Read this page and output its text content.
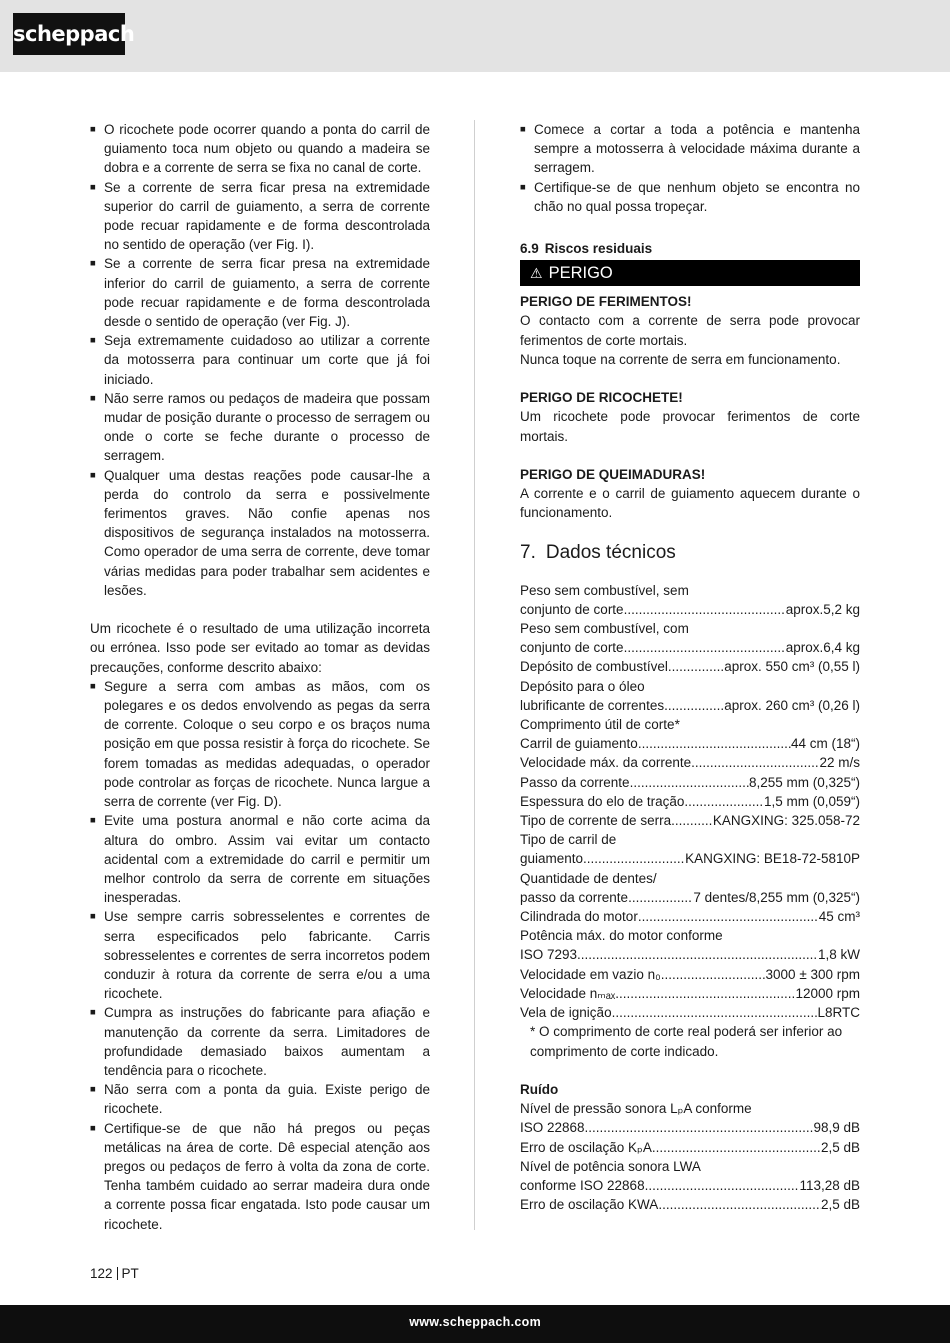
scheppach
■ O ricochete pode ocorrer quando a ponta do carril de guiamento toca num objeto ou quando a madeira se dobra e a corrente de serra se fixa no canal de corte.
■ Se a corrente de serra ficar presa na extremidade superior do carril de guiamento, a serra de corrente pode recuar rapidamente e de forma descontrolada no sentido de operação (ver Fig. I).
■ Se a corrente de serra ficar presa na extremidade inferior do carril de guiamento, a serra de corrente pode recuar rapidamente e de forma descontrolada desde o sentido de operação (ver Fig. J).
■ Seja extremamente cuidadoso ao utilizar a corrente da motosserra para continuar um corte que já foi iniciado.
■ Não serre ramos ou pedaços de madeira que possam mudar de posição durante o processo de serragem ou onde o corte se feche durante o processo de serragem.
■ Qualquer uma destas reações pode causar-lhe a perda do controlo da serra e possivelmente ferimentos graves. Não confie apenas nos dispositivos de segurança instalados na motosserra. Como operador de uma serra de corrente, deve tomar várias medidas para poder trabalhar sem acidentes e lesões.
Um ricochete é o resultado de uma utilização incorreta ou errónea. Isso pode ser evitado ao tomar as devidas precauções, conforme descrito abaixo:
■ Segure a serra com ambas as mãos, com os polegares e os dedos envolvendo as pegas da serra de corrente. Coloque o seu corpo e os braços numa posição em que possa resistir à força do ricochete. Se forem tomadas as medidas adequadas, o operador pode controlar as forças de ricochete. Nunca largue a serra de corrente (ver Fig. D).
■ Evite uma postura anormal e não corte acima da altura do ombro. Assim vai evitar um contacto acidental com a extremidade do carril e permitir um melhor controlo da serra de corrente em situações inesperadas.
■ Use sempre carris sobresselentes e correntes de serra especificados pelo fabricante. Carris sobresselentes e correntes de serra incorretos podem conduzir à rotura da corrente de serra e/ou a uma ricochete.
■ Cumpra as instruções do fabricante para afiação e manutenção da corrente da serra. Limitadores de profundidade demasiado baixos aumentam a tendência para o ricochete.
■ Não serra com a ponta da guia. Existe perigo de ricochete.
■ Certifique-se de que não há pregos ou peças metálicas na área de corte. Dê especial atenção aos pregos ou pedaços de ferro à volta da zona de corte. Tenha também cuidado ao serrar madeira dura onde a corrente possa ficar engatada. Isto pode causar um ricochete.
■ Comece a cortar a toda a potência e mantenha sempre a motosserra à velocidade máxima durante a serragem.
■ Certifique-se de que nenhum objeto se encontra no chão no qual possa tropeçar.
6.9 Riscos residuais
⚠ PERIGO
PERIGO DE FERIMENTOS!
O contacto com a corrente de serra pode provocar ferimentos de corte mortais.
Nunca toque na corrente de serra em funcionamento.
PERIGO DE RICOCHETE!
Um ricochete pode provocar ferimentos de corte mortais.
PERIGO DE QUEIMADURAS!
A corrente e o carril de guiamento aquecem durante o funcionamento.
7. Dados técnicos
Peso sem combustível, sem
conjunto de corte .....	aprox.5,2 kg
Peso sem combustível, com
conjunto de corte .....	aprox.6,4 kg
Depósito de combustível .....	aprox. 550 cm³ (0,55 l)
Depósito para o óleo
lubrificante de correntes .....	aprox. 260 cm³ (0,26 l)
Comprimento útil de corte*
Carril de guiamento .....	44 cm (18“)
Velocidade máx. da corrente .....	22 m/s
Passo da corrente .....	8,255 mm (0,325“)
Espessura do elo de tração .....	1,5 mm (0,059“)
Tipo de corrente de serra .....	KANGXING: 325.058-72
Tipo de carril de
guiamento .....	KANGXING: BE18-72-5810P
Quantidade de dentes/
passo da corrente .....	7 dentes/8,255 mm (0,325“)
Cilindrada do motor .....	45 cm³
Potência máx. do motor conforme
ISO 7293 .....	1,8 kW
Velocidade em vazio n₀ .....	3000 ± 300 rpm
Velocidade nₘₐₓ .....	12000 rpm
Vela de ignição .....	L8RTC
* O comprimento de corte real poderá ser inferior ao comprimento de corte indicado.
Ruído
Nível de pressão sonora LₚA conforme
ISO 22868 .....	98,9 dB
Erro de oscilação KₚA .....	2,5 dB
Nível de potência sonora LWA
conforme ISO 22868 .....	113,28 dB
Erro de oscilação KWA .....	2,5 dB
122 PT
www.scheppach.com
